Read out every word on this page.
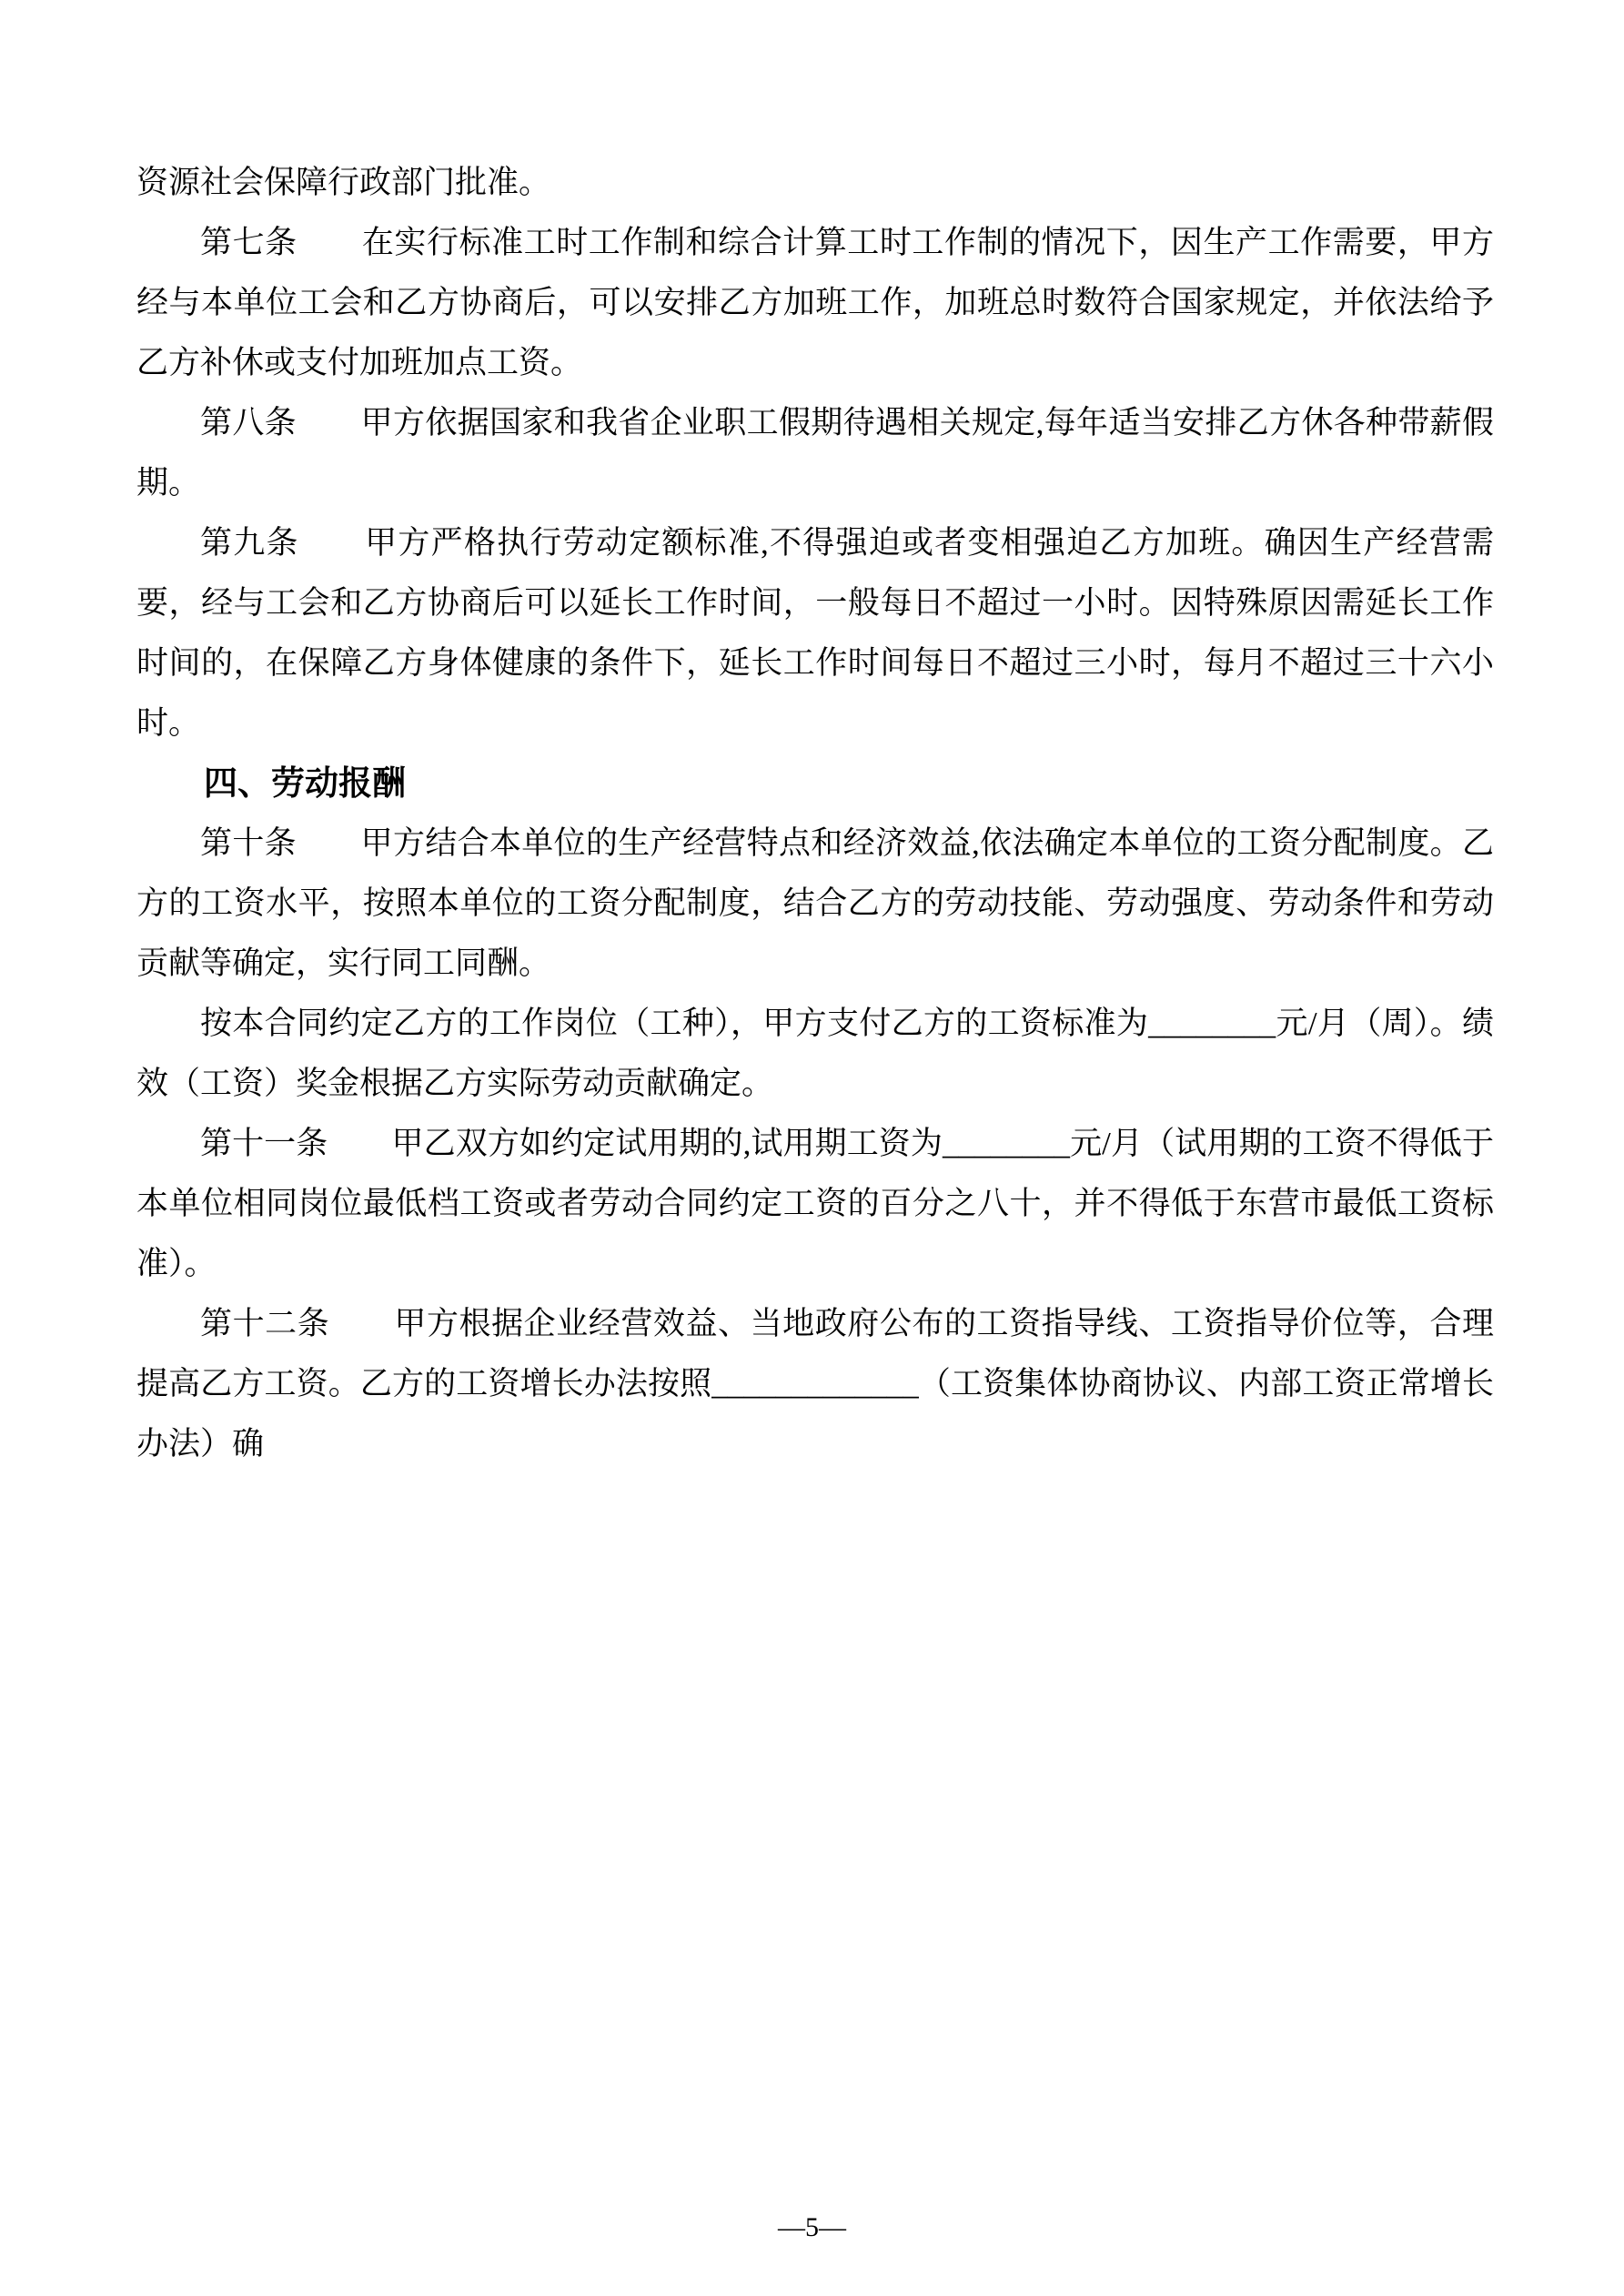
资源社会保障行政部门批准。

第七条　　在实行标准工时工作制和综合计算工时工作制的情况下，因生产工作需要，甲方经与本单位工会和乙方协商后，可以安排乙方加班工作，加班总时数符合国家规定，并依法给予乙方补休或支付加班加点工资。

第八条　　甲方依据国家和我省企业职工假期待遇相关规定,每年适当安排乙方休各种带薪假期。

第九条　　甲方严格执行劳动定额标准,不得强迫或者变相强迫乙方加班。确因生产经营需要，经与工会和乙方协商后可以延长工作时间，一般每日不超过一小时。因特殊原因需延长工作时间的，在保障乙方身体健康的条件下，延长工作时间每日不超过三小时，每月不超过三十六小时。

四、劳动报酬

第十条　　甲方结合本单位的生产经营特点和经济效益,依法确定本单位的工资分配制度。乙方的工资水平，按照本单位的工资分配制度，结合乙方的劳动技能、劳动强度、劳动条件和劳动贡献等确定，实行同工同酬。

按本合同约定乙方的工作岗位（工种），甲方支付乙方的工资标准为________元/月（周）。绩效（工资）奖金根据乙方实际劳动贡献确定。

第十一条　　甲乙双方如约定试用期的,试用期工资为________元/月（试用期的工资不得低于本单位相同岗位最低档工资或者劳动合同约定工资的百分之八十，并不得低于东营市最低工资标准）。

第十二条　　甲方根据企业经营效益、当地政府公布的工资指导线、工资指导价位等，合理提高乙方工资。乙方的工资增长办法按照_____________（工资集体协商协议、内部工资正常增长办法）确

—5—
